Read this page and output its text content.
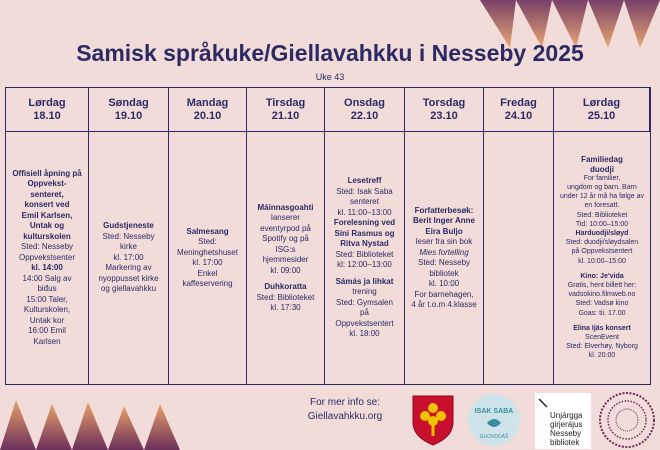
Samisk språkuke/Giellavahkku i Nesseby 2025
Uke 43
Lørdag
18.10
Søndag
19.10
Mandag
20.10
Tirsdag
21.10
Onsdag
22.10
Torsdag
23.10
Fredag
24.10
Lørdag
25.10
Offisiell åpning på
Oppvekst-
senteret,
konsert ved
Emil Karlsen,
Untak og
kulturskolen
Sted: Nesseby
Oppvekstsenter
kl. 14:00
14:00 Salg av
biđus
15:00 Taler,
Kulturskolen,
Untak kor
16:00 Emil
Karlsen
Gudstjeneste
Sted: Nesseby
kirke
kl. 17:00
Markering av
nyoppusset kirke
og giellavahkku
Salmesang
Sted:
Meninghetshuset
kl. 17:00
Enkel
kaffeservering
Máinnasgoahti
lanserer
eventyrpod på
Spotify og på
ISG:s
hjemmesider
kl. 09:00
Duhkoratta
Sted: Biblioteket
kl. 17:30
Lesetreff
Sted: Isak Saba
senteret
kl. 11:00–13:00
Forelesning ved
Sini Rasmus og
Ritva Nystad
Sted: Biblioteket
kl: 12:00–13:00
Sámás ja lihkat
trening
Sted: Gymsalen
på
Oppvekstsentert
kl. 18:00
Forfatterbesøk:
Berit Inger Anne
Eira Buljo
leser fra sin bok
Mies fortelling
Sted: Nesseby
bibliotek
kl. 10:00
For barnehagen,
4 år t.o.m 4.klasse
Familiedag
duodji
For familier,
ungdom og barn. Barn
under 12 år må ha følge av
en foresatt.
Sted: Biblioteket
Tid: 10:00–15:00
Harduodji/sløyd
Sted: duodji/sløydsalen
på Oppvekstsentert
kl. 10:00–15:00
Kino: Je'vida
Gratis, hent billett her:
vadsokino.filmweb.no
Sted: Vadsø kino
Goas: tii. 17.00
Elina Ijäs konsert
ScenEvent
Sted: Elverhøy, Nyborg
kl. 20:00
For mer info se:
Giellavahkku.org	ISAK SABA
GUOVDDÁŠ
Unjárgga
girjerájus
Nesseby
bibliotek
